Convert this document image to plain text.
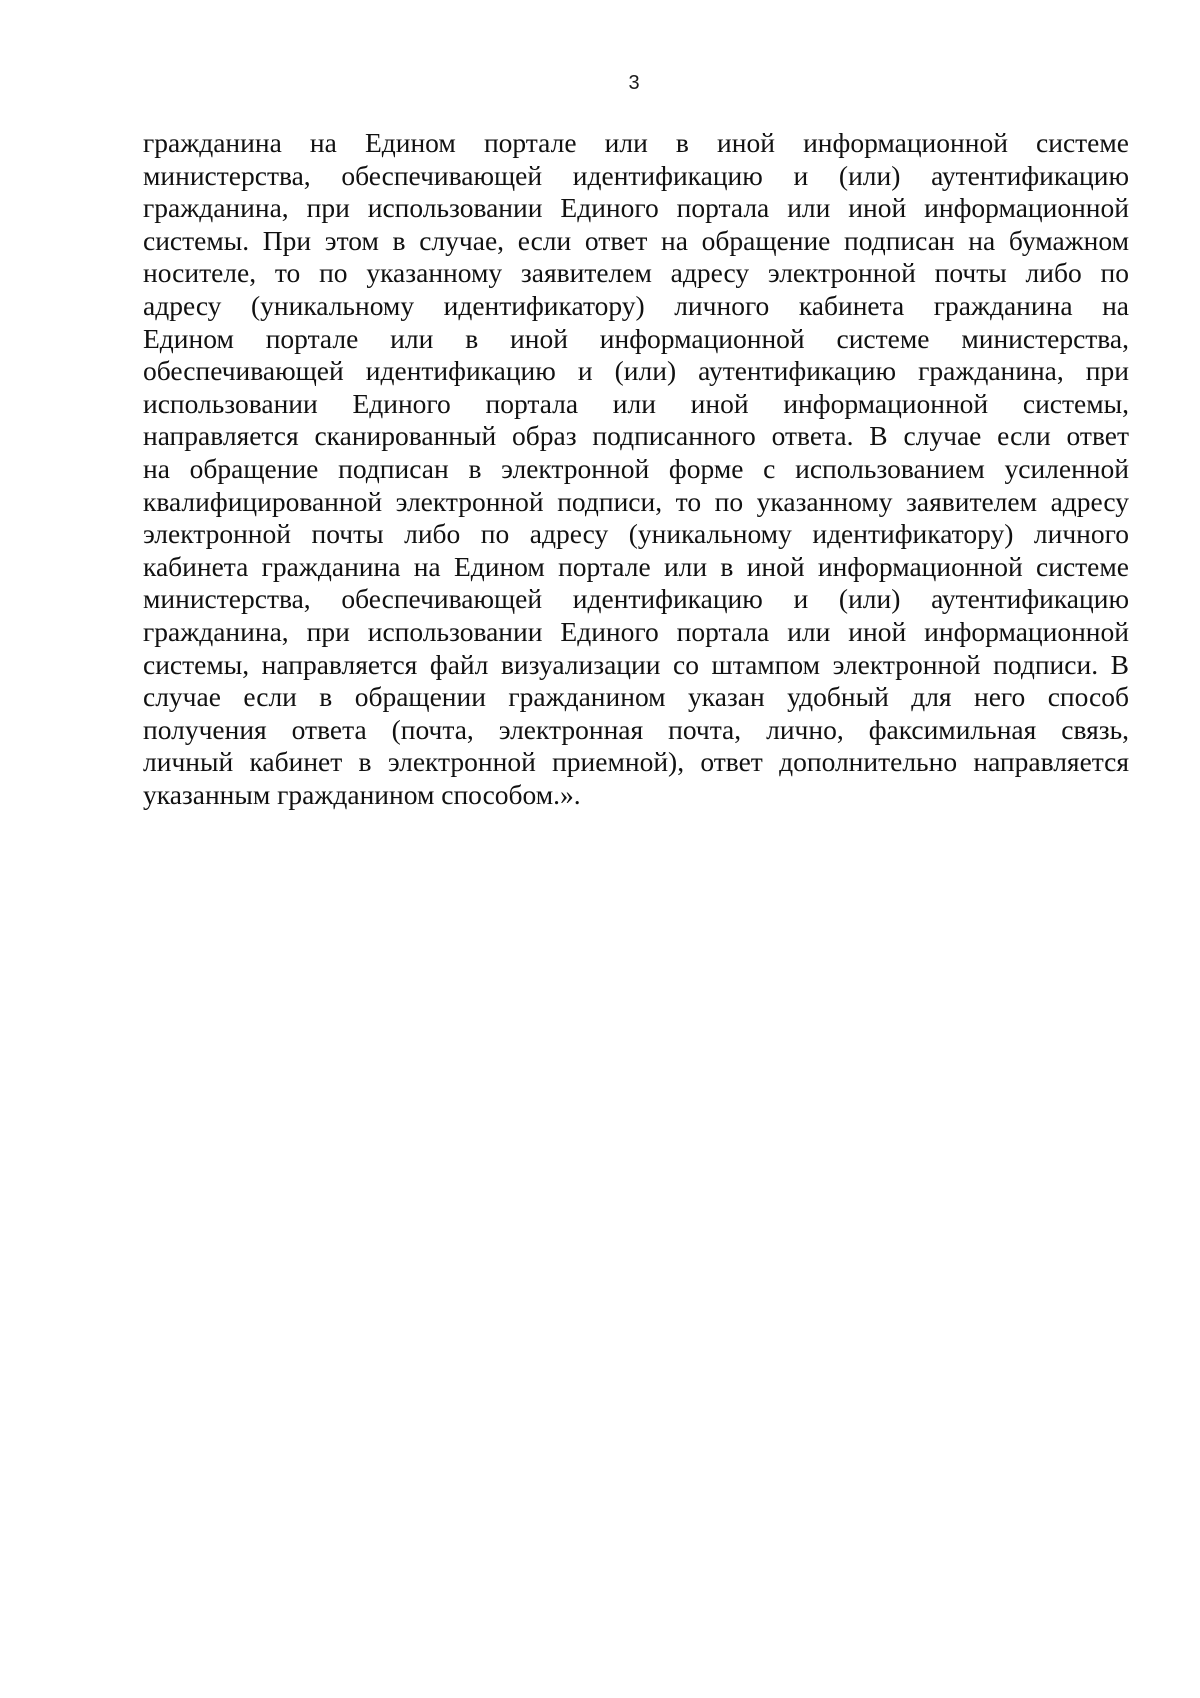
3
гражданина на Едином портале или в иной информационной системе
министерства, обеспечивающей идентификацию и (или) аутентификацию
гражданина, при использовании Единого портала или иной информационной
системы. При этом в случае, если ответ на обращение подписан на бумажном
носителе, то по указанному заявителем адресу электронной почты либо по
адресу (уникальному идентификатору) личного кабинета гражданина на
Едином портале или в иной информационной системе министерства,
обеспечивающей идентификацию и (или) аутентификацию гражданина, при
использовании Единого портала или иной информационной системы,
направляется сканированный образ подписанного ответа. В случае если ответ
на обращение подписан в электронной форме с использованием усиленной
квалифицированной электронной подписи, то по указанному заявителем адресу
электронной почты либо по адресу (уникальному идентификатору) личного
кабинета гражданина на Едином портале или в иной информационной системе
министерства, обеспечивающей идентификацию и (или) аутентификацию
гражданина, при использовании Единого портала или иной информационной
системы, направляется файл визуализации со штампом электронной подписи. В
случае если в обращении гражданином указан удобный для него способ
получения ответа (почта, электронная почта, лично, факсимильная связь,
личный кабинет в электронной приемной), ответ дополнительно направляется
указанным гражданином способом.».
